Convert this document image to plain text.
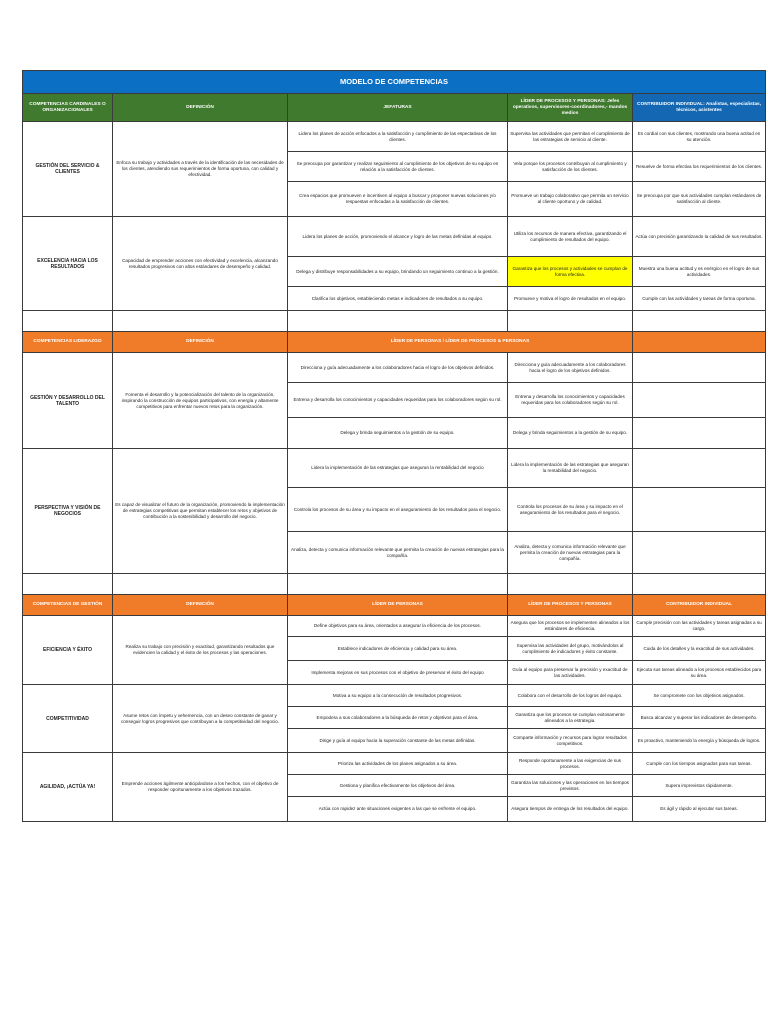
MODELO DE COMPETENCIAS				
COMPETENCIAS CARDINALES O ORGANIZACIONALES	DEFINICIÓN	JEFATURAS	LÍDER DE PROCESOS Y PERSONAS: Jefes operativos, supervisores-coordinadores,- mandos medios	CONTRIBUIDOR INDIVIDUAL: Analistas, especialistas, técnicos, asistentes
GESTIÓN DEL SERVICIO & CLIENTES	Enfoca su trabajo y actividades a través de la identificación de las necesidades de los clientes, atendiendo sus requerimientos de forma oportuna, con calidad y efectividad.	Lidera los planes de acción enfocados a la satisfacción y cumplimiento de las espectativas de los clientes.	Supervisa las actividades que permitan el cumplimiento de las estrategias de servicio al cliente.	Es cordial con sus clientes, mostrando una buena actitud en su atención.
		Se preocupa por garantizar y realizar seguimiento al cumplimiento de los objetivos de su equipo en relación a la satisfacción de clientes.	Vela porque los procesos contribuyan al cumplimiento y satisfacción de los clientes.	Resuelve de forma efectiva los requerimientos de los clientes.
		Crea espacios que promueven e incentiven al equipo a buscar y proponer nuevas soluciones y/o respuestas enfocadas a la satisfacción de clientes.	Promueve un trabajo colaborativo que permita un servicio al cliente oportuno y de calidad.	Se preocupa por que sus actividades cumplan estándares de satisfacción al cliente.
EXCELENCIA HACIA LOS RESULTADOS	Capacidad de emprender acciones con efectividad y excelencia, alcanzando resultados progresivos con altos estándares de desempeño y calidad.	Lidera los planes de acción, promoviendo el alcance y logro de las metas definidas al equipo.	Utiliza los recursos de manera efectiva, garantizando el cumplimiento de resultados del equipo.	Actúa con precisión garantizando la calidad de sus resultados.
		Delega y distribuye responsabilidades a su equipo, brindando un seguimiento continuo a la gestión.	Garantiza que los procesos y actividades se cumplan de forma efectiva.	Muestra una buena actitud y es enérgico en el logro de sus actividades.
		Clarifica los objetivos, estableciendo metas e indicadores de resultados a su equipo.	Promueve y motiva el logro de resultados en el equipo.	Cumple con las actividades y tareas de forma oportuna.

COMPETENCIAS LIDERAZGO	DEFINICIÓN	LÍDER DE PERSONAS / LÍDER DE PROCESOS & PERSONAS		
GESTIÓN Y DESARROLLO DEL TALENTO	Fomenta el desarrollo y la potencialización del talento de la organización, inspirando la construcción de equipos participativos, con energía y altamente competitivos para enfrentar nuevos retos para la organización.	Direcciona y guía adecuadamente a los colaboradores hacia el logro de los objetivos definidos.	Direcciona y guía adecuadamente a los colaboradores hacia el logro de los objetivos definidos.	
		Entrena y desarrolla los conocimientos y capacidades requeridas para los colaboradores según su rol.	Entrena y desarrolla los conocimientos y capacidades requeridas para los colaboradores según su rol.	
		Delega y brinda seguimientos a la gestión de su equipo.	Delega y brinda seguimientos a la gestión de su equipo.	
PERSPECTIVA Y VISIÓN DE NEGOCIOS	Es capaz de visualizar el futuro de la organización, promoviendo la implementación de estrategias competitivas que permitan establecer los retos y objetivos de contribución a la sostenibilidad y desarrollo del negocio.	Lidera la implementación de las estrategias que aseguran la rentabilidad del negocio	Lidera la implementación de las estrategias que aseguran la rentabilidad del negocio.	
		Controla los procesos de su área y su impacto en el aseguramiento de los resultados para el negocio.	Controla los procesos de su área y su impacto en el aseguramiento de los resultados para el negocio.	
		Analiza, detecta y comunica información relevante que permita la creación de nuevas estrategias para la compañía.	Analiza, detecta y comunica información relevante que permita la creación de nuevas estrategias para la compañía.	

COMPETENCIAS DE GESTIÓN	DEFINICIÓN	LÍDER DE PERSONAS	LÍDER DE PROCESOS Y PERSONAS	CONTRIBUIDOR INDIVIDUAL
EFICIENCIA Y ÉXITO	Realiza su trabajo con precisión y exactitud, garantizando resultados que evidencien la calidad y el éxito de los procesos y las operaciones.	Define objetivos para su área, orientados a asegurar la eficiencia de los procesos.	Asegura que los procesos se implementen alineados a los estándares de eficiencia.	Cumple precisión con las actividades y tareas asignadas a su cargo.
		Establece indicadores de eficiencia y calidad para su área.	Supervisa las actividades del grupo, motivándolos al cumplimiento de indicadores y éxito constante.	Cuida de los detalles y la exactitud de sus actividades.
		Implementa mejoras en sus procesos con el objetivo de preservar el éxito del equipo	Guía al equipo para preservar la precisión y exactitud de las actividades.	Ejecuta sus tareas alineado a los procesos establecidos para su área.
COMPETITIVIDAD	Asume retos con ímpetu y vehemencia, con un deseo constante de ganar y conseguir logros progresivos que contribuyan a la competitividad del negocio.	Motiva a su equipo a la consecución de resultados progresivos.	Colabora con el desarrollo de los logros del equipo.	Se compromete con los objetivos asignados.
		Empodera a sus colaboradores a la búsqueda de retos y objetivos para el área.	Garantiza que los procesos se cumplan exitosamente alineados a la estrategia.	Busca alcanzar y superar los indicadores de desempeño.
		Dirige y guía al equipo hacia la superación constante de las metas definidas.	Comparte información y recursos para lograr resultados competitivos.	Es proactivo, manteniendo la energía y búsqueda de logros.
AGILIDAD, ¡ACTÚA YA!	Emprende acciones ágilmente anticipándose a los hechos, con el objetivo de responder oportunamente a los objetivos trazados.	Prioriza las actividades de los planes asignados a su área.	Responde oportunamente a las exigencias de sus procesos.	Cumple con los tiempos asignados para sus tareas.
		Gestiona y planifica efectivamente los objetivos del área.	Garantiza las soluciones y las operaciones en los tiempos previstos.	Supera imprevistos rápidamente.
		Actúa con rapidez ante situaciones exigentes a las que se enfrente el equipo.	Asegura tiempos de entrega de los resultados del equipo.	Es ágil y rápido al ejecutar sus tareas.
